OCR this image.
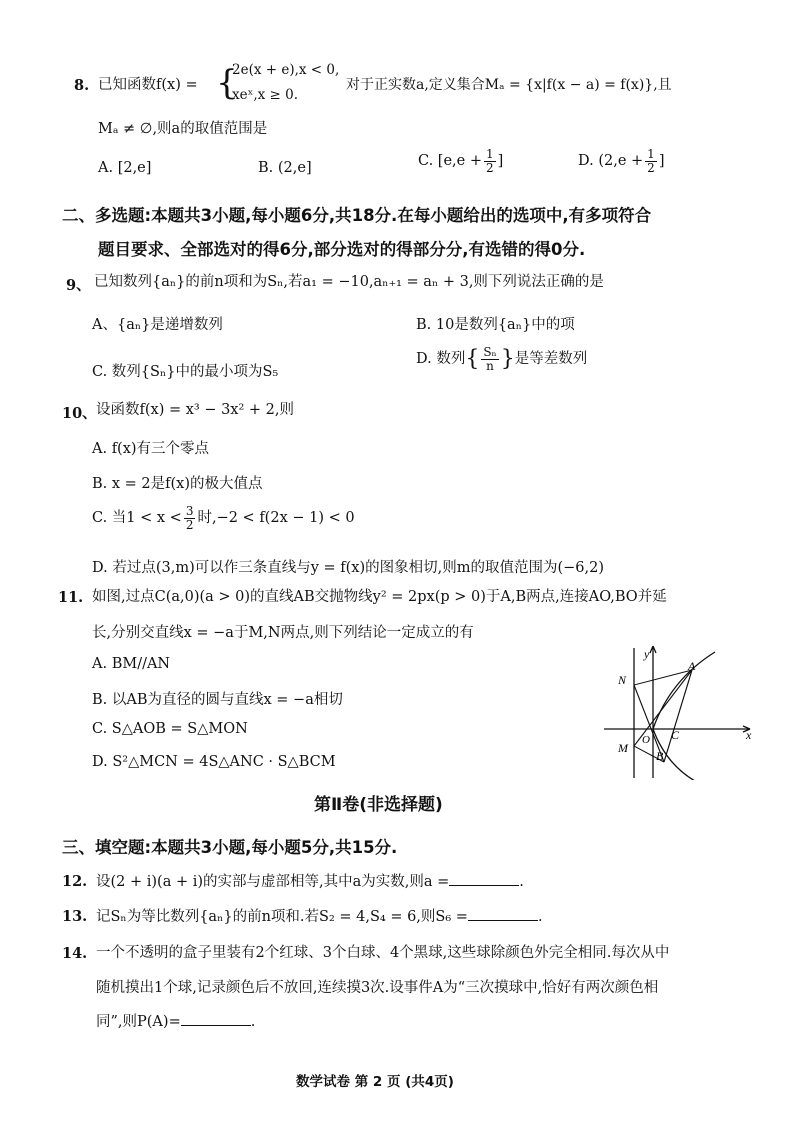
8. 已知函数f(x) = {
2e(x + e),x < 0,
xeˣ,x ≥ 0.
对于正实数a,定义集合Mₐ = {x|f(x − a) = f(x)},且
Mₐ ≠ ∅,则a的取值范围是
A. [2,e]	B. (2,e]	C. [$e,e + \frac{1}{2}$ ]	D. ($2,e + \frac{1}{2}$ ]
二、多选题:本题共3小题,每小题6分,共18分.在每小题给出的选项中,有多项符合
题目要求、全部选对的得6分,部分选对的得部分分,有选错的得0分.
9、 已知数列{aₙ}的前n项和为Sₙ,若a₁ = −10,aₙ₊₁ = aₙ + 3,则下列说法正确的是
A、{aₙ}是递增数列	B. 10是数列{aₙ}中的项
C. 数列{Sₙ}中的最小项为S₅
D. 数列{ $\frac{\text{Sₙ}}{n}$ }是等差数列
10、 设函数f(x) = x³ − 3x² + 2,则
A. f(x)有三个零点
B. x = 2是f(x)的极大值点
C. 当$1 < x < \frac{3}{2}$ 时,−2 < f(2x − 1) < 0
D. 若过点(3,m)可以作三条直线与y = f(x)的图象相切,则m的取值范围为(−6,2)
11. 如图,过点C(a,0)(a > 0)的直线AB交抛物线y² = 2px(p > 0)于A,B两点,连接AO,BO并延
长,分别交直线x = −a于M,N两点,则下列结论一定成立的有
A. BM//AN
B. 以AB为直径的圆与直线x = −a相切
C. S△AOB = S△MON
D. S²△MCN = 4S△ANC · S△BCM
N
M
O
A
B
C	x
y
第Ⅱ卷(非选择题)
三、填空题:本题共3小题,每小题5分,共15分.
12. 设(2 + i)(a + i)的实部与虚部相等,其中a为实数,则a =	.
13. 记Sₙ为等比数列{aₙ}的前n项和.若S₂ = 4,S₄ = 6,则S₆ =	.
14. 一个不透明的盒子里装有2个红球、3个白球、4个黑球,这些球除颜色外完全相同.每次从中
随机摸出1个球,记录颜色后不放回,连续摸3次.设事件A为“三次摸球中,恰好有两次颜色相
同”,则P(A)=	.
数学试卷 第 2 页 (共4页)
